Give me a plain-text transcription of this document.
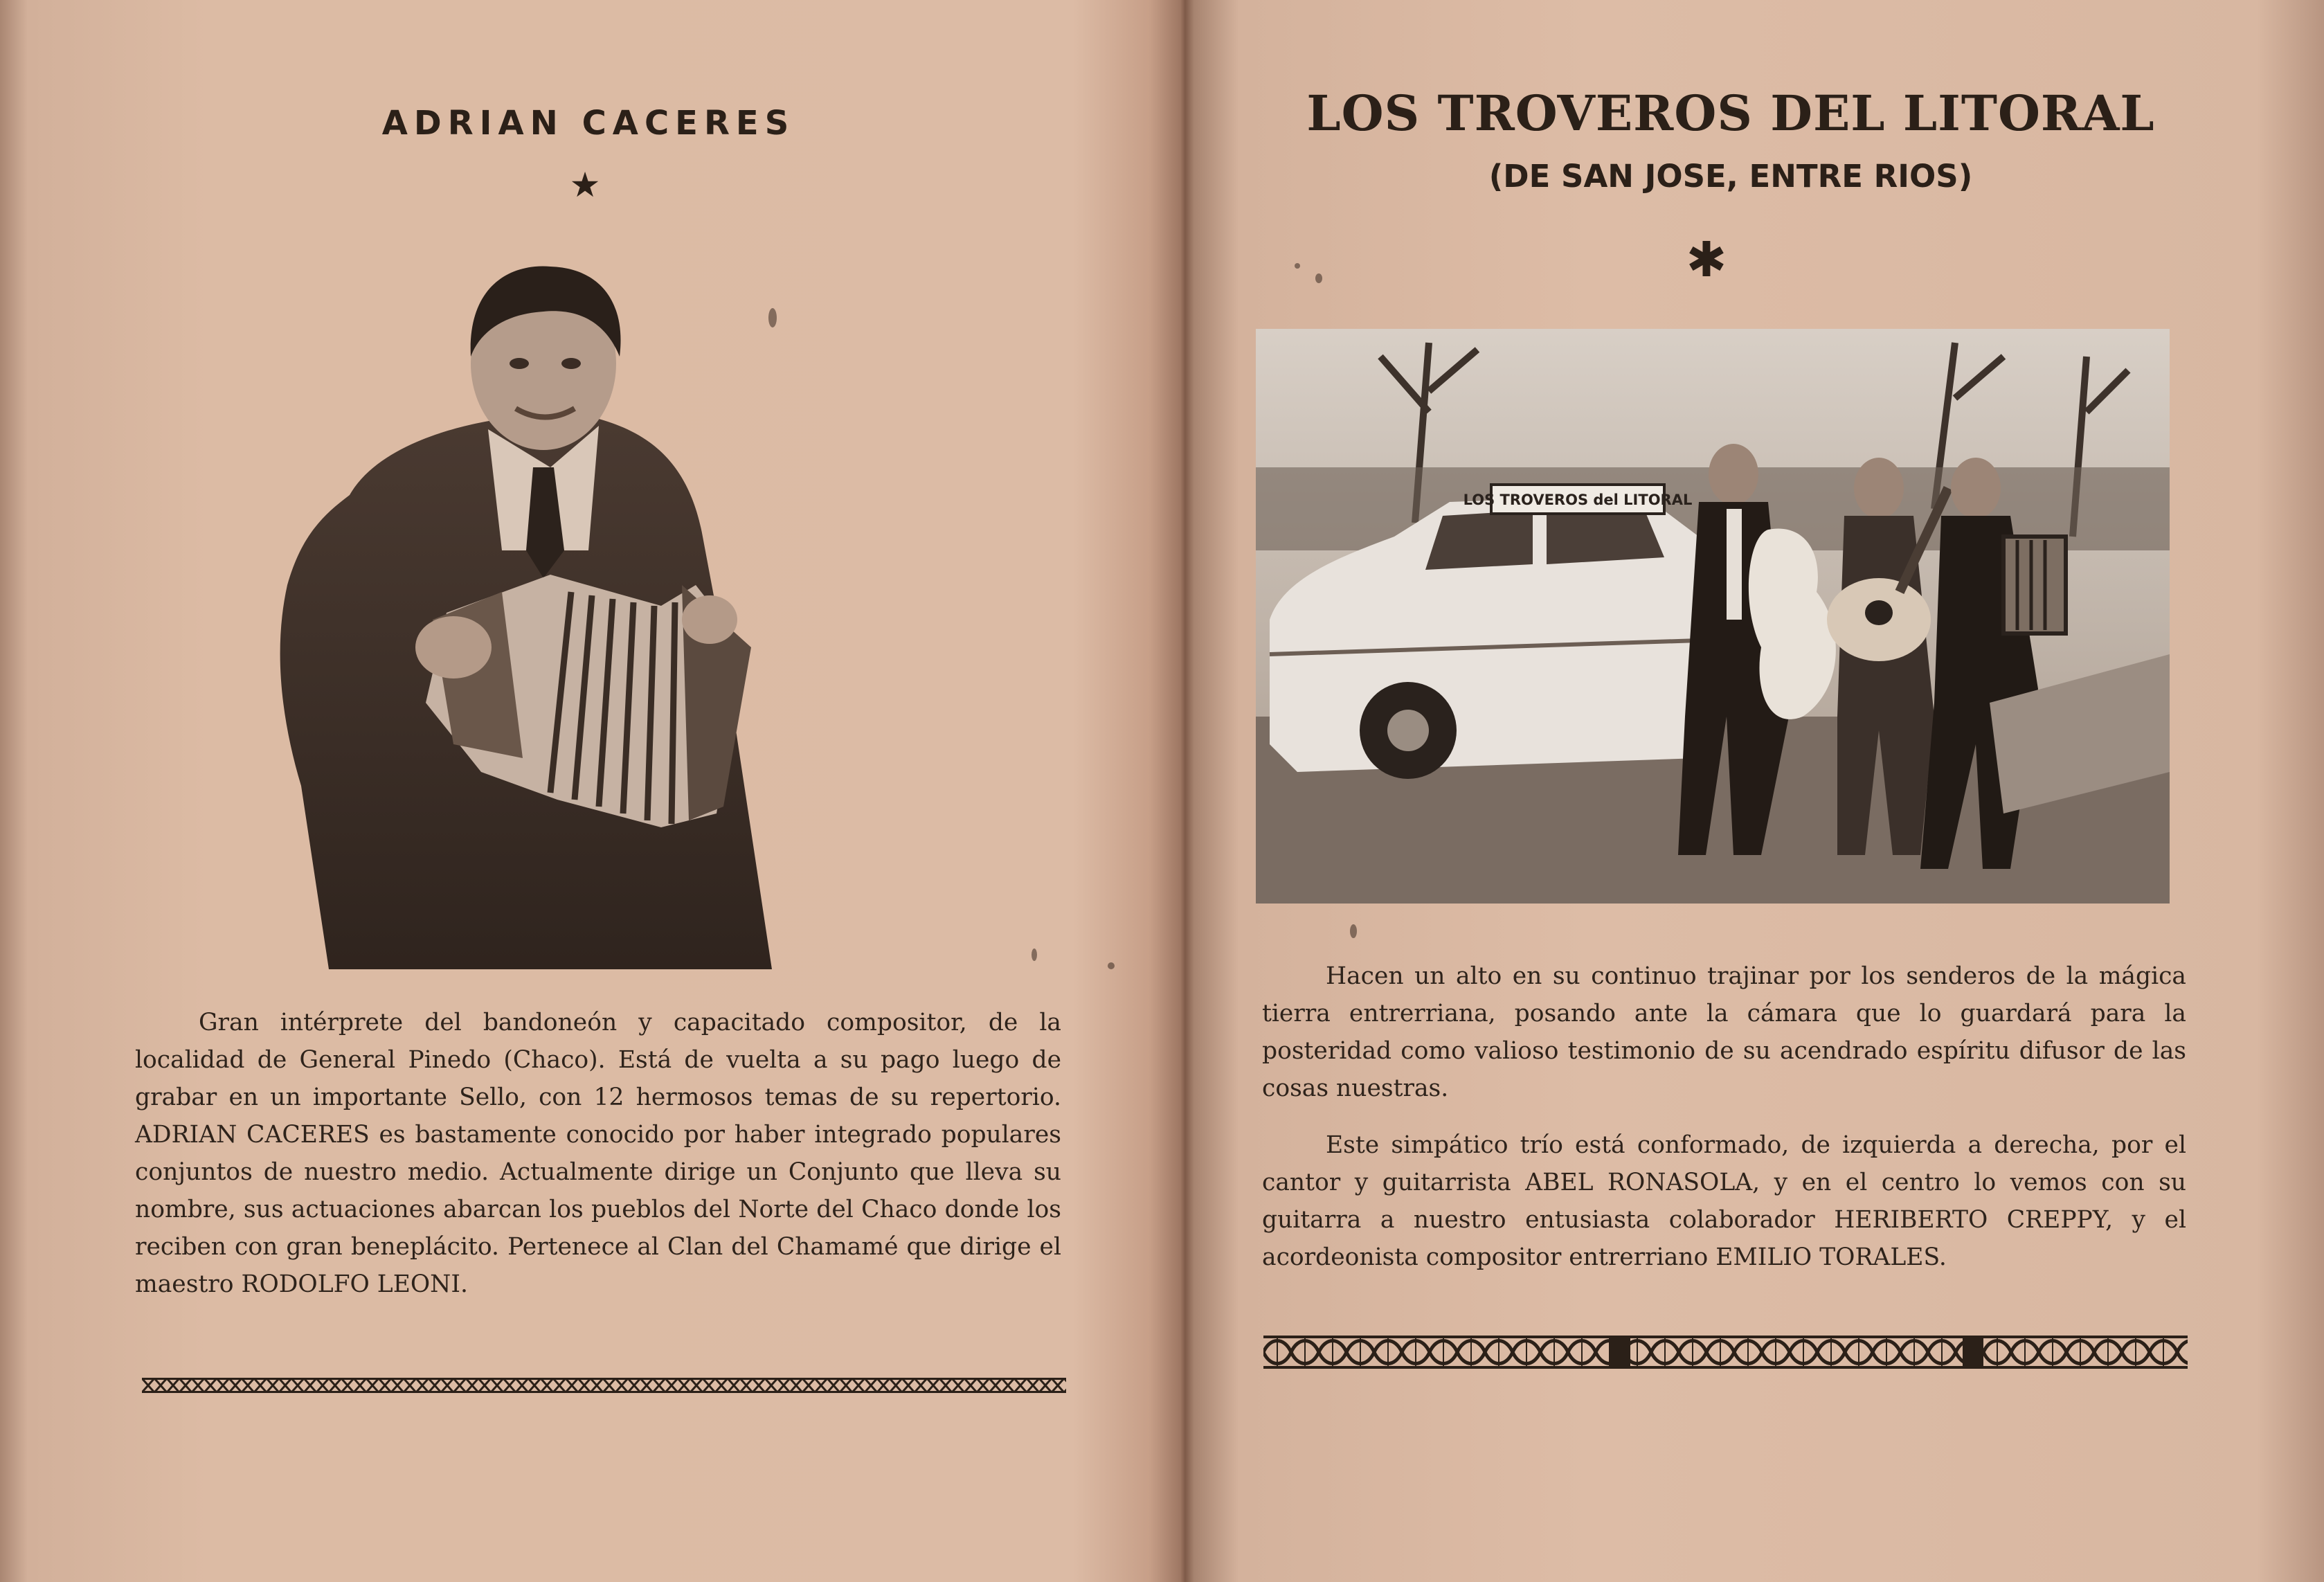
ADRIAN CACERES
★

Gran intérprete del bandoneón y capacitado compositor, de la localidad de General Pinedo (Chaco). Está de vuelta a su pago luego de grabar en un importante Sello, con 12 hermosos temas de su repertorio. ADRIAN CACERES es bastamente conocido por haber integrado populares conjuntos de nuestro medio. Actualmente dirige un Conjunto que lleva su nombre, sus actuaciones abarcan los pueblos del Norte del Chaco donde los reciben con gran beneplácito. Pertenece al Clan del Chamamé que dirige el maestro RODOLFO LEONI.

LOS TROVEROS DEL LITORAL
(DE SAN JOSE, ENTRE RIOS)
✱
LOS TROVEROS del LITORAL

Hacen un alto en su continuo trajinar por los senderos de la mágica tierra entrerriana, posando ante la cámara que lo guardará para la posteridad como valioso testimonio de su acendrado espíritu difusor de las cosas nuestras.

Este simpático trío está conformado, de izquierda a derecha, por el cantor y guitarrista ABEL RONASOLA, y en el centro lo vemos con su guitarra a nuestro entusiasta colaborador HERIBERTO CREPPY, y el acordeonista compositor entrerriano EMILIO TORALES.
